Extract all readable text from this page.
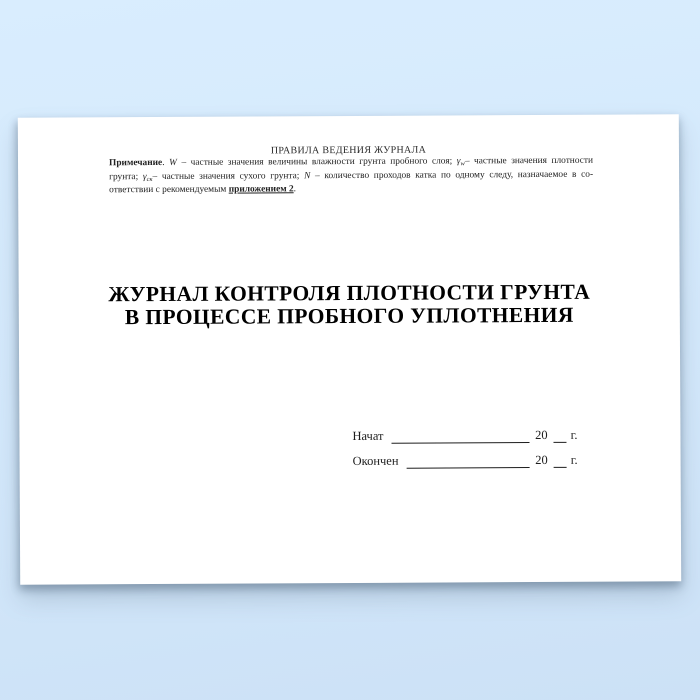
ПРАВИЛА ВЕДЕНИЯ ЖУРНАЛА
Примечание. W – частные значения величины влажности грунта пробного слоя; $\gamma_w-$ частные значения плотности
грунта; $\gamma_{ск}-$ частные значения сухого грунта; N – количество проходов катка по одному следу, назначаемое в со-
ответствии с рекомендуемым приложением 2.
ЖУРНАЛ КОНТРОЛЯ ПЛОТНОСТИ ГРУНТА
В ПРОЦЕССЕ ПРОБНОГО УПЛОТНЕНИЯ
Начат	20 г.
Окончен	20 г.
